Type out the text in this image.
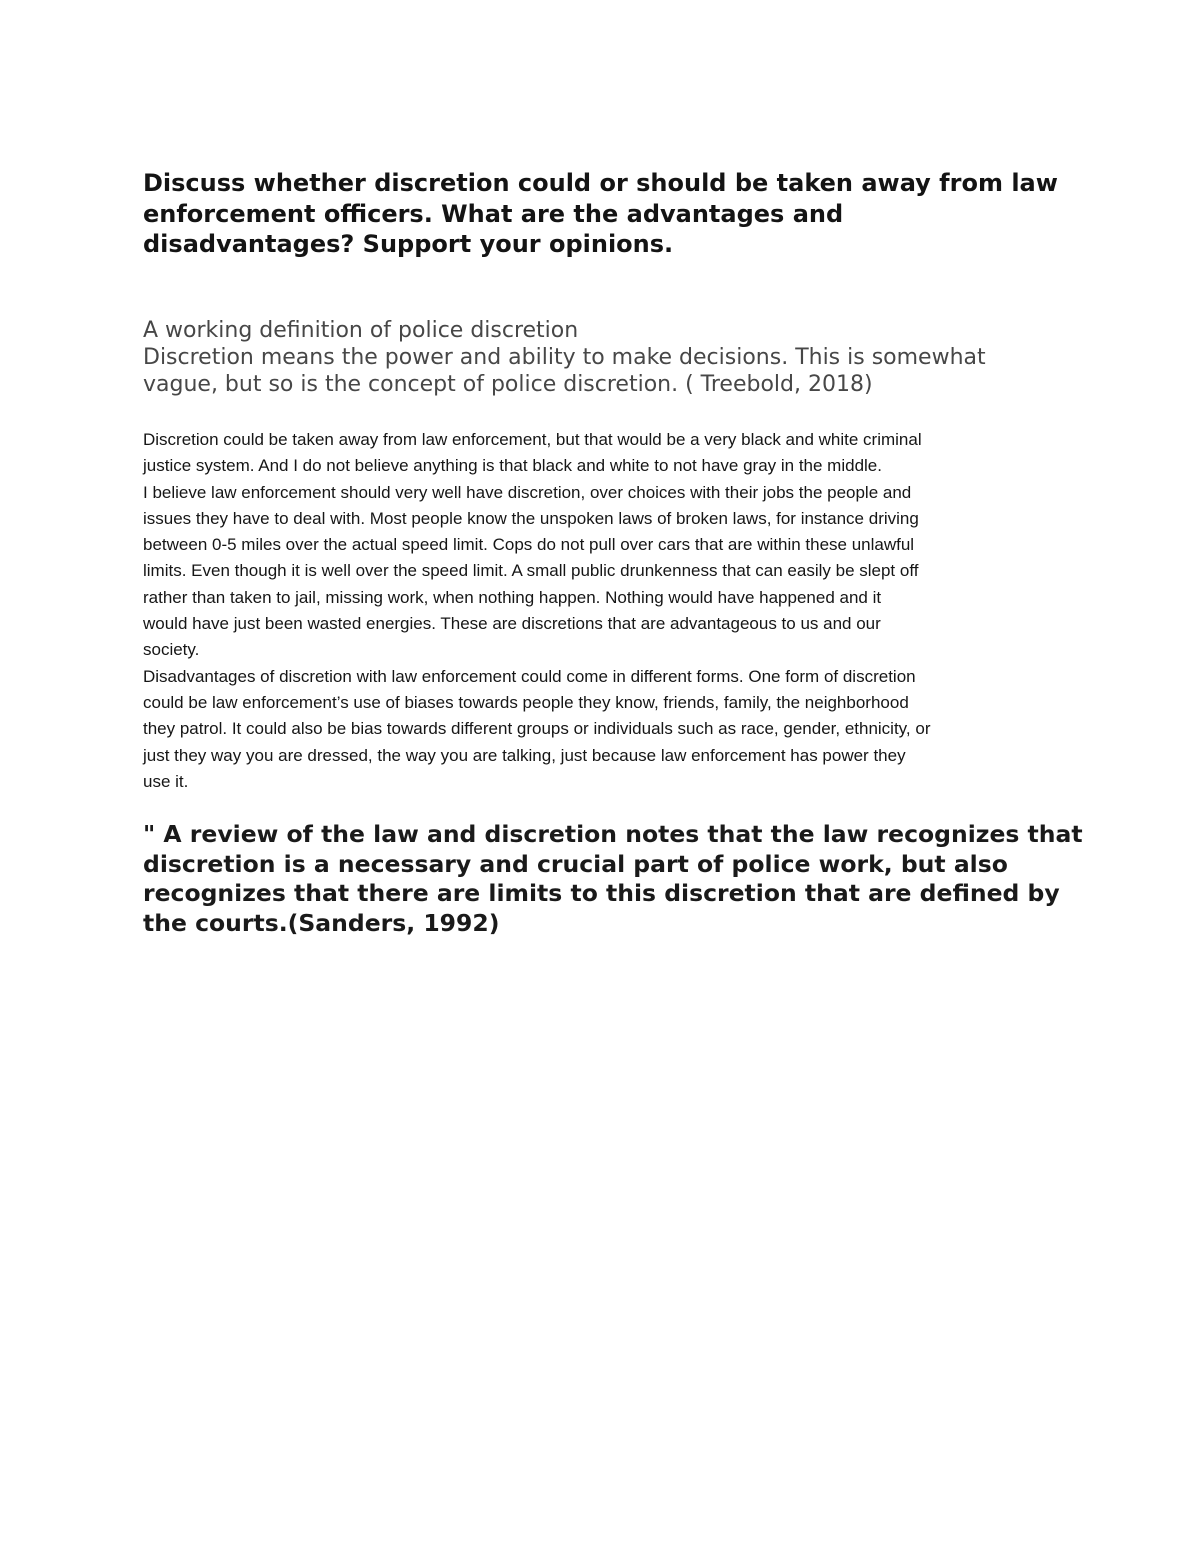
Discuss whether discretion could or should be taken away from law
enforcement officers. What are the advantages and
disadvantages? Support your opinions.
A working definition of police discretion
Discretion means the power and ability to make decisions. This is somewhat
vague, but so is the concept of police discretion. ( Treebold, 2018)
Discretion could be taken away from law enforcement, but that would be a very black and white criminal
justice system. And I do not believe anything is that black and white to not have gray in the middle.
I believe law enforcement should very well have discretion, over choices with their jobs the people and
issues they have to deal with. Most people know the unspoken laws of broken laws, for instance driving
between 0-5 miles over the actual speed limit. Cops do not pull over cars that are within these unlawful
limits. Even though it is well over the speed limit. A small public drunkenness that can easily be slept off
rather than taken to jail, missing work, when nothing happen. Nothing would have happened and it
would have just been wasted energies. These are discretions that are advantageous to us and our
society.
Disadvantages of discretion with law enforcement could come in different forms. One form of discretion
could be law enforcement’s use of biases towards people they know, friends, family, the neighborhood
they patrol. It could also be bias towards different groups or individuals such as race, gender, ethnicity, or
just they way you are dressed, the way you are talking, just because law enforcement has power they
use it.
" A review of the law and discretion notes that the law recognizes that
discretion is a necessary and crucial part of police work, but also
recognizes that there are limits to this discretion that are defined by
the courts.(Sanders, 1992)
